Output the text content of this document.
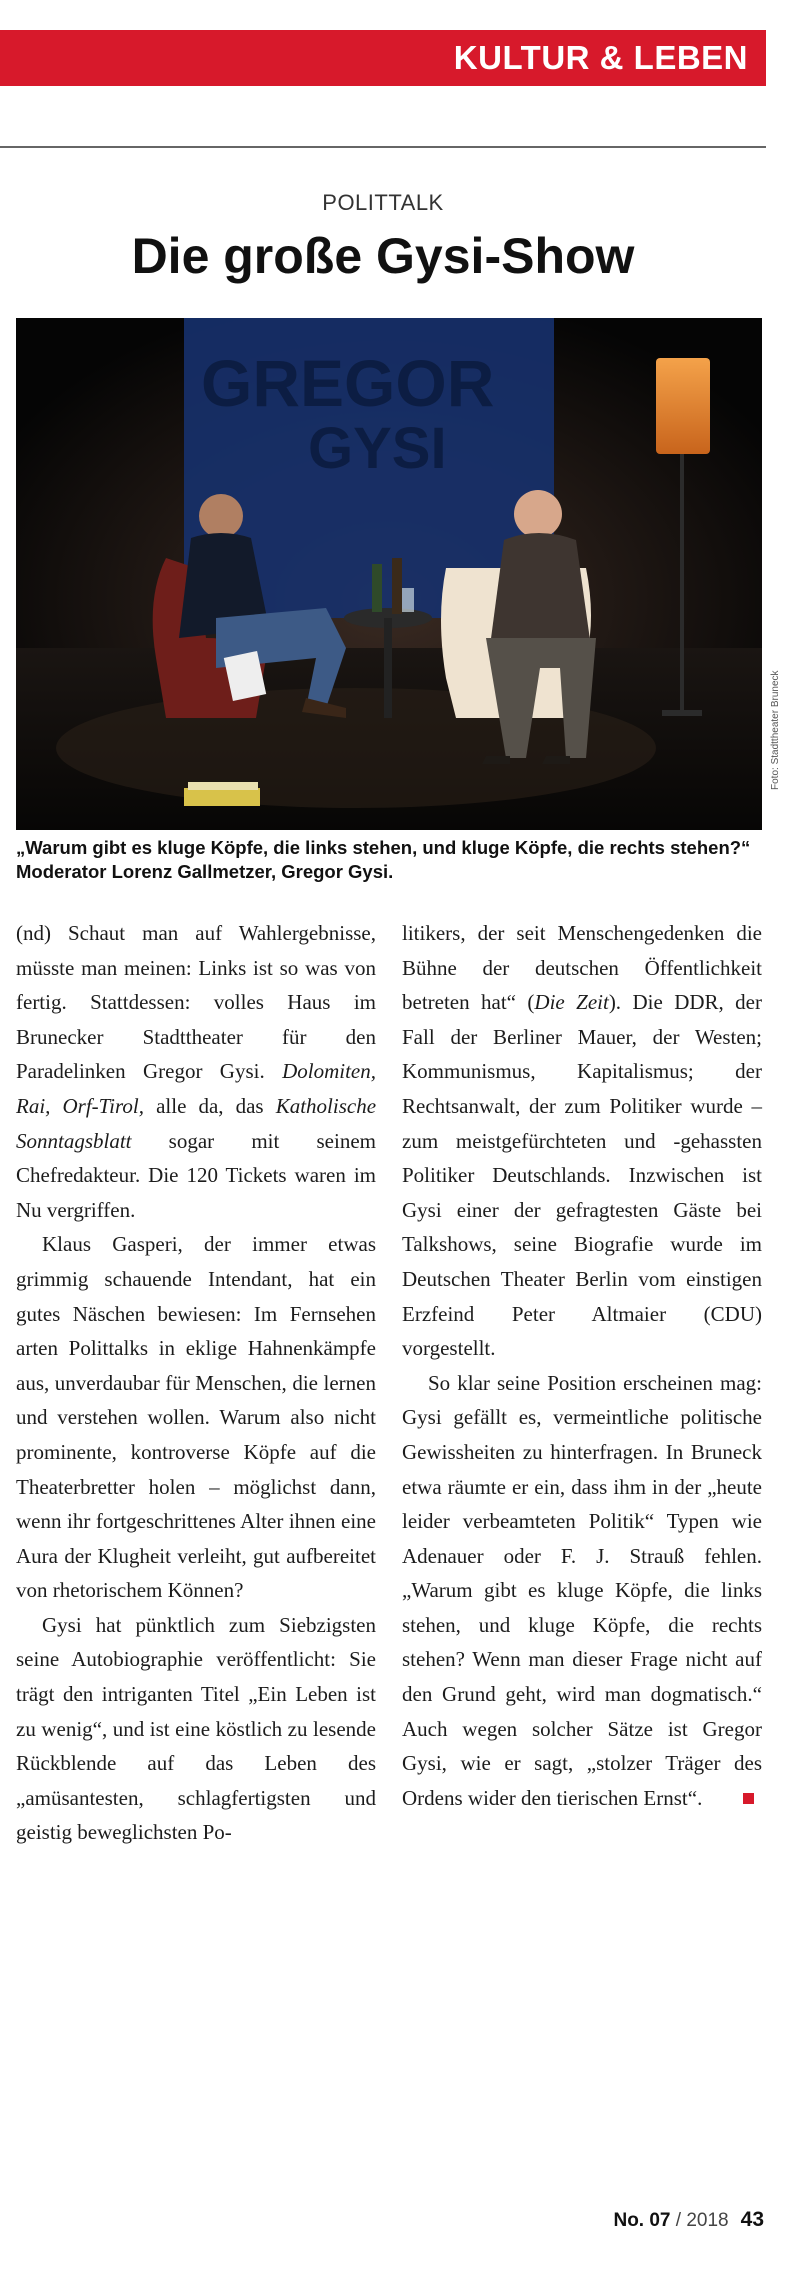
KULTUR & LEBEN
POLITTALK
Die große Gysi-Show
GREGOR
GYSI
Foto: Stadttheater Bruneck
„Warum gibt es kluge Köpfe, die links stehen, und kluge Köpfe, die rechts stehen?“ Moderator Lorenz Gallmetzer, Gregor Gysi.

(nd) Schaut man auf Wahlergebnisse, müsste man meinen: Links ist so was von fertig. Stattdessen: volles Haus im Brunecker Stadttheater für den Paradelinken Gregor Gysi. Dolomiten, Rai, Orf-Tirol, alle da, das Katholische Sonntagsblatt sogar mit seinem Chefredakteur. Die 120 Tickets waren im Nu vergriffen.

Klaus Gasperi, der immer etwas grimmig schauende Intendant, hat ein gutes Näschen bewiesen: Im Fernsehen arten Polittalks in eklige Hahnenkämpfe aus, unverdaubar für Menschen, die lernen und verstehen wollen. Warum also nicht prominente, kontroverse Köpfe auf die Theaterbretter holen – möglichst dann, wenn ihr fortgeschrittenes Alter ihnen eine Aura der Klugheit verleiht, gut aufbereitet von rhetorischem Können?

Gysi hat pünktlich zum Siebzigsten seine Autobiographie veröffentlicht: Sie trägt den intriganten Titel „Ein Leben ist zu wenig“, und ist eine köstlich zu lesende Rückblende auf das Leben des „amüsantesten, schlagfertigsten und geistig beweglichsten Po-

litikers, der seit Menschengedenken die Bühne der deutschen Öffentlichkeit betreten hat“ (Die Zeit). Die DDR, der Fall der Berliner Mauer, der Westen; Kommunismus, Kapitalismus; der Rechtsanwalt, der zum Politiker wurde – zum meistgefürchteten und -gehassten Politiker Deutschlands. Inzwischen ist Gysi einer der gefragtesten Gäste bei Talkshows, seine Biografie wurde im Deutschen Theater Berlin vom einstigen Erzfeind Peter Altmaier (CDU) vorgestellt.

So klar seine Position erscheinen mag: Gysi gefällt es, vermeintliche politische Gewissheiten zu hinterfragen. In Bruneck etwa räumte er ein, dass ihm in der „heute leider verbeamteten Politik“ Typen wie Adenauer oder F. J. Strauß fehlen. „Warum gibt es kluge Köpfe, die links stehen, und kluge Köpfe, die rechts stehen? Wenn man dieser Frage nicht auf den Grund geht, wird man dogmatisch.“ Auch wegen solcher Sätze ist Gregor Gysi, wie er sagt, „stolzer Träger des Ordens wider den tierischen Ernst“.

No. 07 / 2018 43
